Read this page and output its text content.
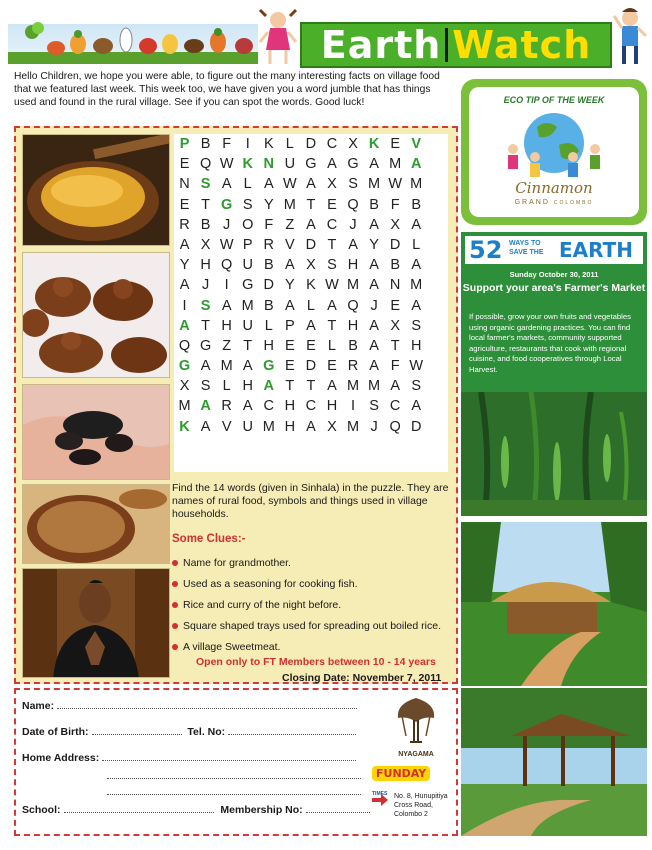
Earth Watch

Hello Children, we hope you were able, to figure out the many interesting facts on village food that we featured last week. This week too, we have given you a word jumble that has things used and found in the rural village. See if you can spot the words. Good luck!

P B F	I K L D C X K E V
E Q W K N U G A G A M A
N S A L A W A X S M W M
E T G S Y M T E Q B F B
R B J O F Z A C J A X A
A X W P R V D T A Y D L
Y H Q U B A X S H A B A
A J	I G D Y K W M A N M
I S A M B A L A Q J E A
A T H U L P A T H A X S
Q G Z T H E E L B A T H
G A M A G E D E R A F W
X S L H A T T A M M A S
M A R A C H C H I S C A
K A V U M H A X M J Q D

Find the 14 words (given in Sinhala) in the puzzle. They are names of rural food, symbols and things used in village households.

Some Clues:-
Name for grandmother.
Used as a seasoning for cooking fish.
Rice and curry of the night before.
Square shaped trays used for spreading out boiled rice.
A village Sweetmeat.
Open only to FT Members between 10 - 14 years
Closing Date: November 7, 2011
Name:
Date of Birth:	Tel. No:
Home Address:
School:	Membership No:
NYAGAMA
FUNDAY TIMES No. 8, Hunupitiya
Cross Road,
Colombo 2
ECO TIP OF THE WEEK
Cinnamon
GRAND COLOMBO
52 WAYS TO
SAVE THE EARTH
Sunday October 30, 2011
Support your area's Farmer's Market

If possible, grow your own fruits and vegetables using organic gardening practices. You can find local farmer's markets, community supported agriculture, restaurants that cook with regional cuisine, and food cooperatives through Local Harvest.
